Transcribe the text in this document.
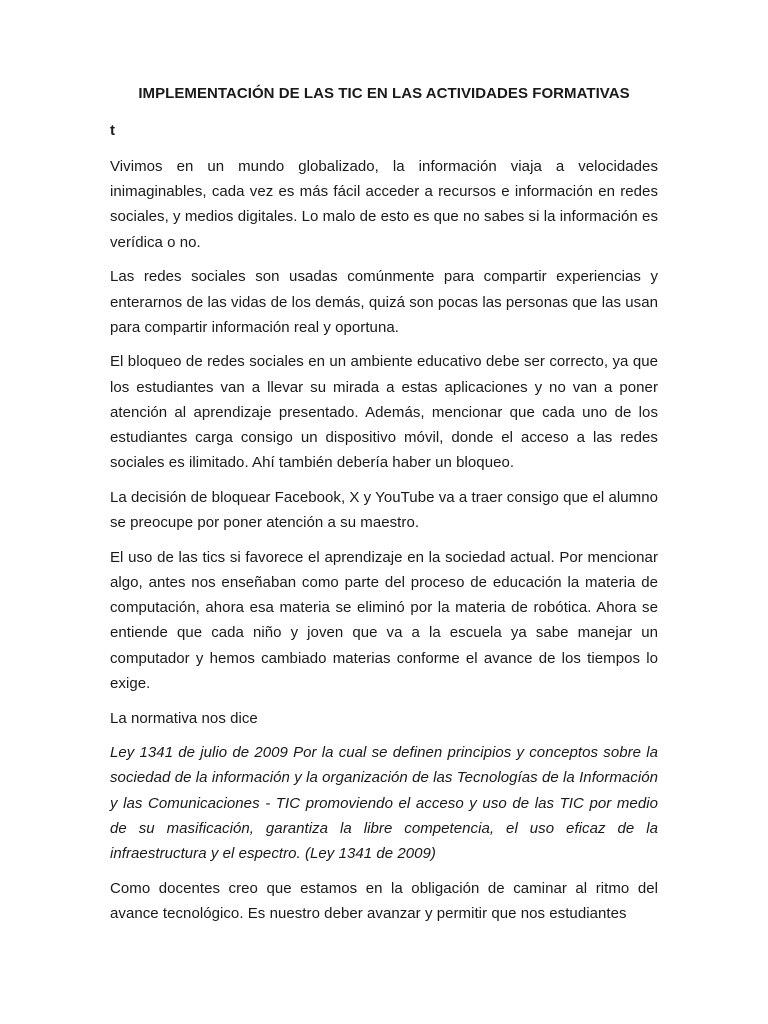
IMPLEMENTACIÓN DE LAS TIC EN LAS ACTIVIDADES FORMATIVAS
t

Vivimos en un mundo globalizado, la información viaja a velocidades inimaginables, cada vez es más fácil acceder a recursos e información en redes sociales, y medios digitales. Lo malo de esto es que no sabes si la información es verídica o no.

Las redes sociales son usadas comúnmente para compartir experiencias y enterarnos de las vidas de los demás, quizá son pocas las personas que las usan para compartir información real y oportuna.

El bloqueo de redes sociales en un ambiente educativo debe ser correcto, ya que los estudiantes van a llevar su mirada a estas aplicaciones y no van a poner atención al aprendizaje presentado. Además, mencionar que cada uno de los estudiantes carga consigo un dispositivo móvil, donde el acceso a las redes sociales es ilimitado. Ahí también debería haber un bloqueo.

La decisión de bloquear Facebook, X y YouTube va a traer consigo que el alumno se preocupe por poner atención a su maestro.

El uso de las tics si favorece el aprendizaje en la sociedad actual. Por mencionar algo, antes nos enseñaban como parte del proceso de educación la materia de computación, ahora esa materia se eliminó por la materia de robótica. Ahora se entiende que cada niño y joven que va a la escuela ya sabe manejar un computador y hemos cambiado materias conforme el avance de los tiempos lo exige.

La normativa nos dice

Ley 1341 de julio de 2009 Por la cual se definen principios y conceptos sobre la sociedad de la información y la organización de las Tecnologías de la Información y las Comunicaciones - TIC promoviendo el acceso y uso de las TIC por medio de su masificación, garantiza la libre competencia, el uso eficaz de la infraestructura y el espectro. (Ley 1341 de 2009)

Como docentes creo que estamos en la obligación de caminar al ritmo del avance tecnológico. Es nuestro deber avanzar y permitir que nos estudiantes
